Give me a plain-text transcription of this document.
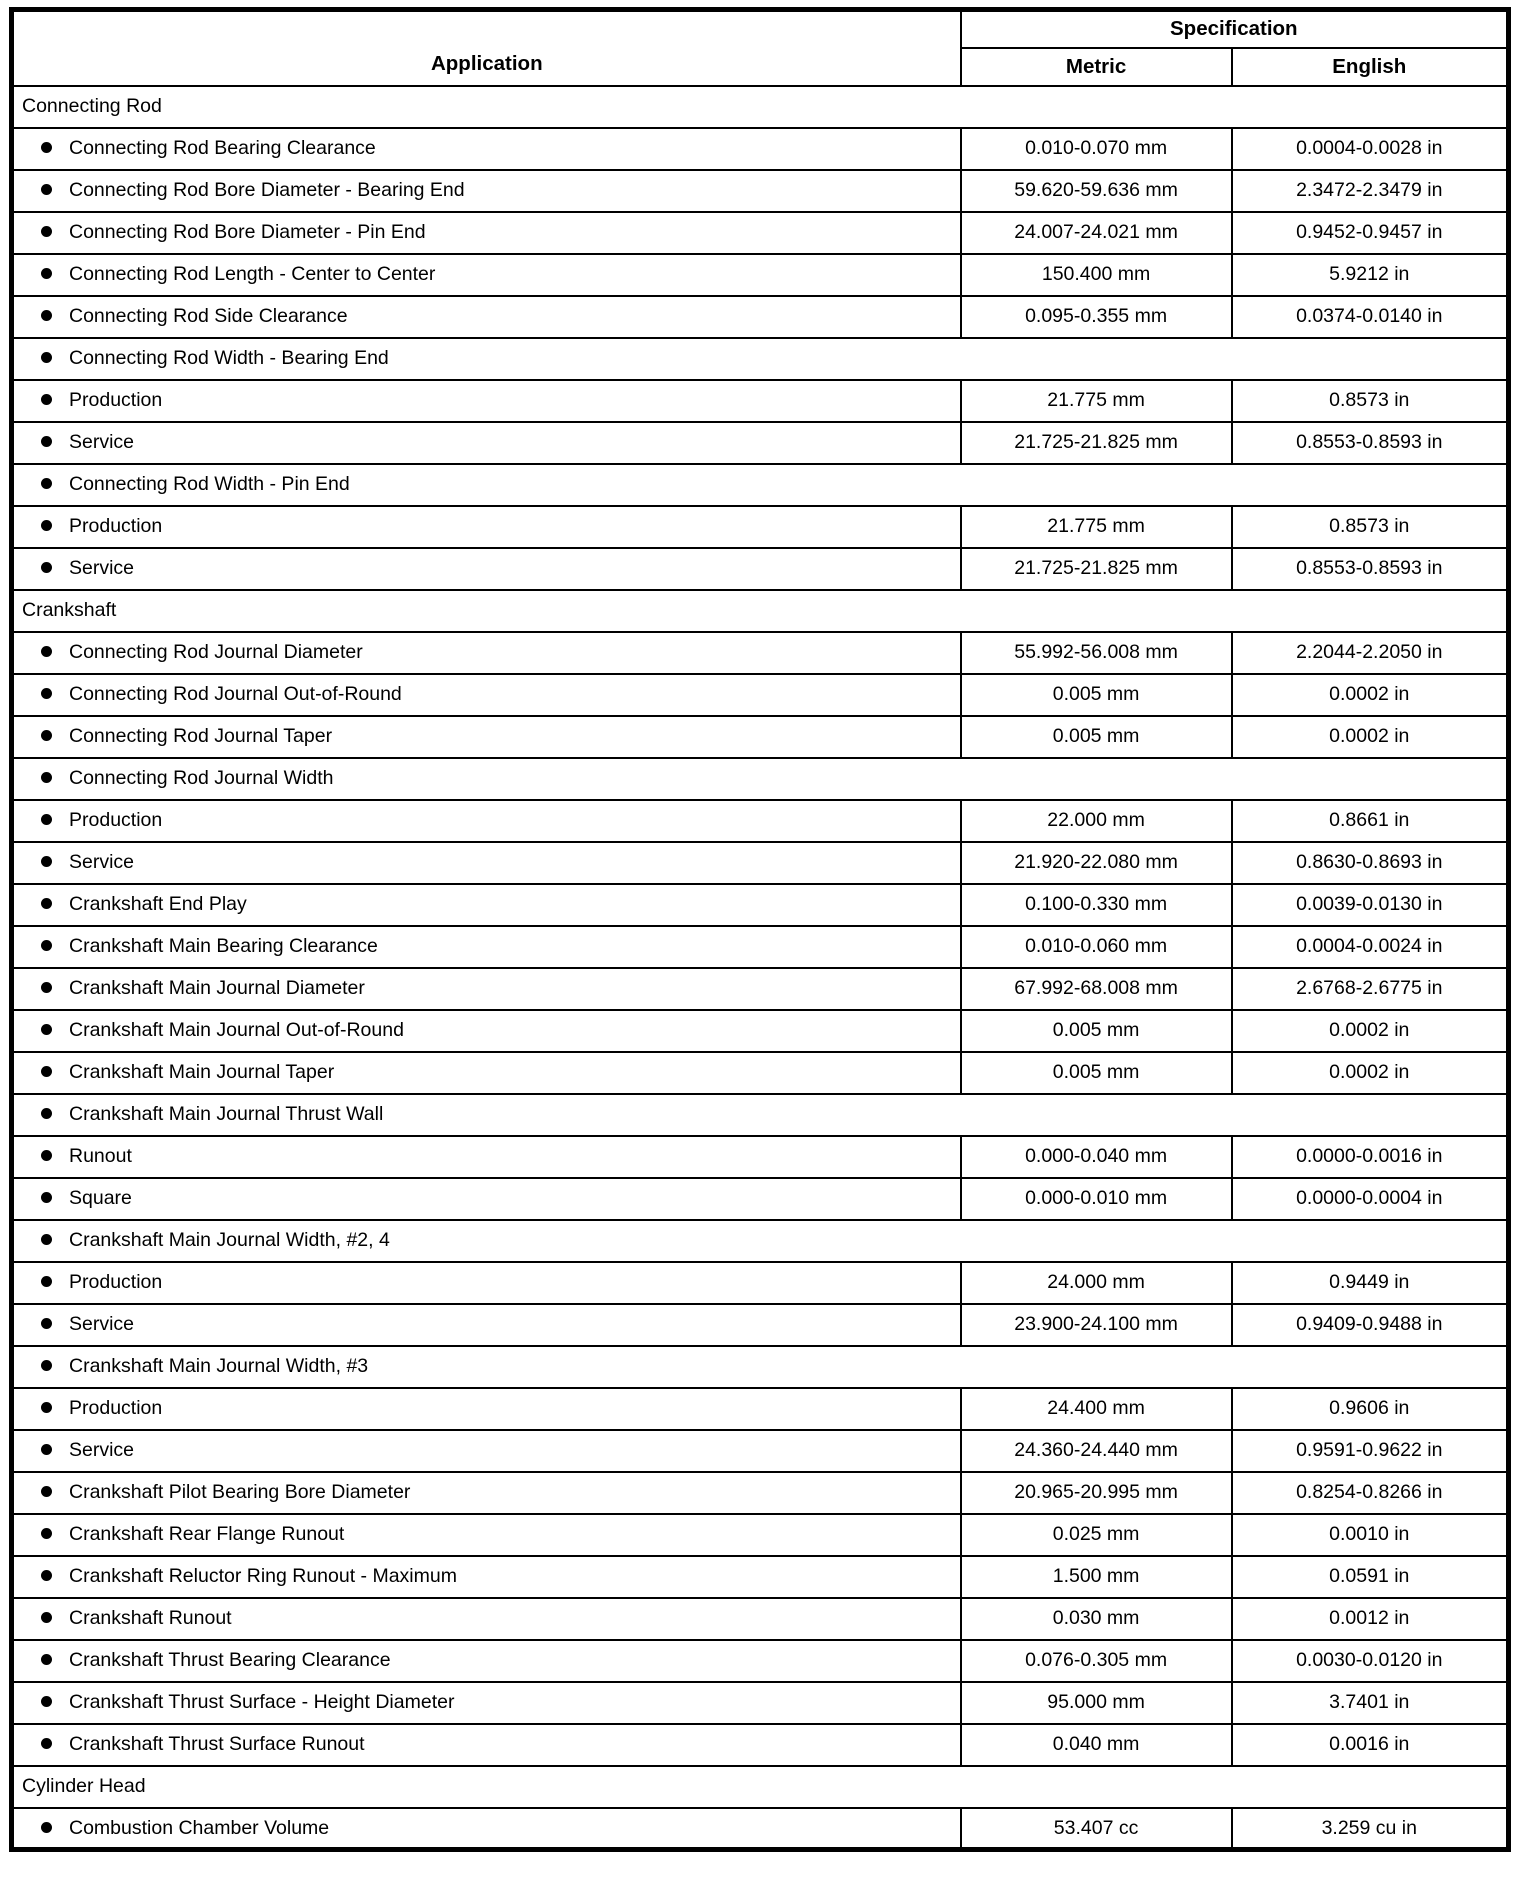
Application	Specification	
	Metric	English
Connecting Rod		
Connecting Rod Bearing Clearance	0.010-0.070 mm	0.0004-0.0028 in
Connecting Rod Bore Diameter - Bearing End	59.620-59.636 mm	2.3472-2.3479 in
Connecting Rod Bore Diameter - Pin End	24.007-24.021 mm	0.9452-0.9457 in
Connecting Rod Length - Center to Center	150.400 mm	5.9212 in
Connecting Rod Side Clearance	0.095-0.355 mm	0.0374-0.0140 in
Connecting Rod Width - Bearing End		
Production	21.775 mm	0.8573 in
Service	21.725-21.825 mm	0.8553-0.8593 in
Connecting Rod Width - Pin End		
Production	21.775 mm	0.8573 in
Service	21.725-21.825 mm	0.8553-0.8593 in
Crankshaft		
Connecting Rod Journal Diameter	55.992-56.008 mm	2.2044-2.2050 in
Connecting Rod Journal Out-of-Round	0.005 mm	0.0002 in
Connecting Rod Journal Taper	0.005 mm	0.0002 in
Connecting Rod Journal Width		
Production	22.000 mm	0.8661 in
Service	21.920-22.080 mm	0.8630-0.8693 in
Crankshaft End Play	0.100-0.330 mm	0.0039-0.0130 in
Crankshaft Main Bearing Clearance	0.010-0.060 mm	0.0004-0.0024 in
Crankshaft Main Journal Diameter	67.992-68.008 mm	2.6768-2.6775 in
Crankshaft Main Journal Out-of-Round	0.005 mm	0.0002 in
Crankshaft Main Journal Taper	0.005 mm	0.0002 in
Crankshaft Main Journal Thrust Wall		
Runout	0.000-0.040 mm	0.0000-0.0016 in
Square	0.000-0.010 mm	0.0000-0.0004 in
Crankshaft Main Journal Width, #2, 4		
Production	24.000 mm	0.9449 in
Service	23.900-24.100 mm	0.9409-0.9488 in
Crankshaft Main Journal Width, #3		
Production	24.400 mm	0.9606 in
Service	24.360-24.440 mm	0.9591-0.9622 in
Crankshaft Pilot Bearing Bore Diameter	20.965-20.995 mm	0.8254-0.8266 in
Crankshaft Rear Flange Runout	0.025 mm	0.0010 in
Crankshaft Reluctor Ring Runout - Maximum	1.500 mm	0.0591 in
Crankshaft Runout	0.030 mm	0.0012 in
Crankshaft Thrust Bearing Clearance	0.076-0.305 mm	0.0030-0.0120 in
Crankshaft Thrust Surface - Height Diameter	95.000 mm	3.7401 in
Crankshaft Thrust Surface Runout	0.040 mm	0.0016 in
Cylinder Head		
Combustion Chamber Volume	53.407 cc	3.259 cu in
